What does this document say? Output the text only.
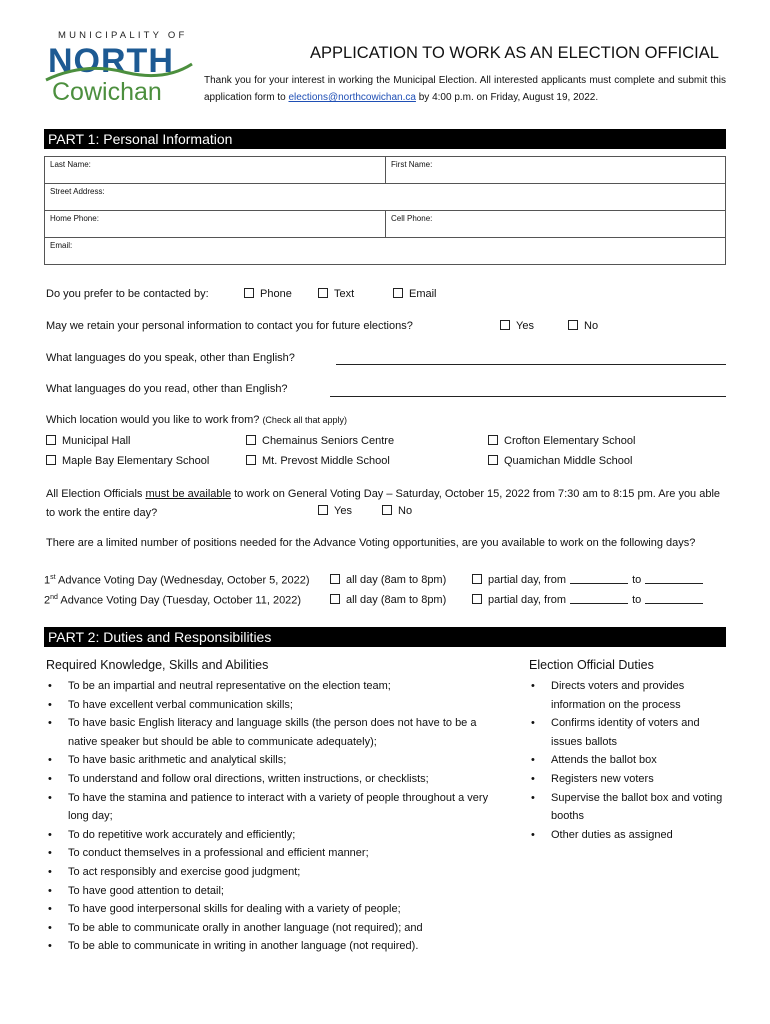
MUNICIPALITY OF
NORTH
Cowichan
APPLICATION TO WORK AS AN ELECTION OFFICIAL
Thank you for your interest in working the Municipal Election. All interested applicants must complete and submit this application form to elections@northcowichan.ca by 4:00 p.m. on Friday, August 19, 2022.
PART 1: Personal Information
Last Name:	First Name:
Street Address:	
Home Phone:	Cell Phone:
Email:	
Do you prefer to be contacted by:	Phone	Text	Email
May we retain your personal information to contact you for future elections?	Yes	No
What languages do you speak, other than English?
What languages do you read, other than English?
Which location would you like to work from? (Check all that apply)
Municipal Hall	Chemainus Seniors Centre	Crofton Elementary School
Maple Bay Elementary School	Mt. Prevost Middle School	Quamichan Middle School
All Election Officials must be available to work on General Voting Day – Saturday, October 15, 2022 from 7:30 am to 8:15 pm. Are you able to work the entire day?	Yes	No
There are a limited number of positions needed for the Advance Voting opportunities, are you available to work on the following days?
1st Advance Voting Day (Wednesday, October 5, 2022)	all day (8am to 8pm)	partial day, from	to
2nd Advance Voting Day (Tuesday, October 11, 2022)	all day (8am to 8pm)	partial day, from	to
PART 2: Duties and Responsibilities
Required Knowledge, Skills and Abilities
• To be an impartial and neutral representative on the election team;
• To have excellent verbal communication skills;
• To have basic English literacy and language skills (the person does not have to be a native speaker but should be able to communicate adequately);
• To have basic arithmetic and analytical skills;
• To understand and follow oral directions, written instructions, or checklists;
• To have the stamina and patience to interact with a variety of people throughout a very long day;
• To do repetitive work accurately and efficiently;
• To conduct themselves in a professional and efficient manner;
• To act responsibly and exercise good judgment;
• To have good attention to detail;
• To have good interpersonal skills for dealing with a variety of people;
• To be able to communicate orally in another language (not required); and
• To be able to communicate in writing in another language (not required).
Election Official Duties
• Directs voters and provides information on the process
• Confirms identity of voters and issues ballots
• Attends the ballot box
• Registers new voters
• Supervise the ballot box and voting booths
• Other duties as assigned
